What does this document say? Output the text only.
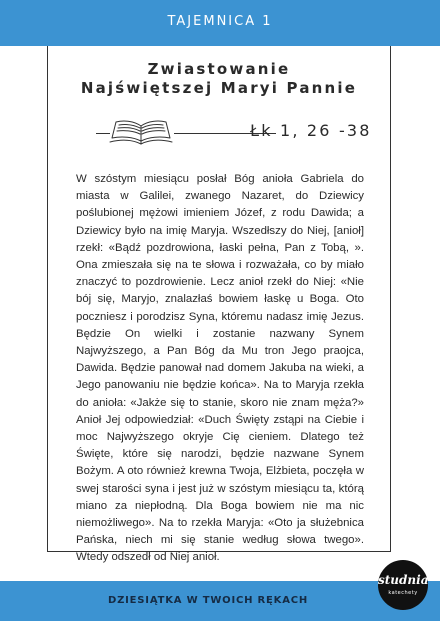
TAJEMNICA 1
Zwiastowanie
Najświętszej Maryi Pannie
Łk 1, 26 -38

W szóstym miesiącu posłał Bóg anioła Gabriela do miasta w Galilei, zwanego Nazaret, do Dziewicy poślubionej mężowi imieniem Józef, z rodu Dawida; a Dziewicy było na imię Maryja. Wszedłszy do Niej, [anioł] rzekł: «Bądź pozdrowiona, łaski pełna, Pan z Tobą, ». Ona zmieszała się na te słowa i rozważała, co by miało znaczyć to pozdrowienie. Lecz anioł rzekł do Niej: «Nie bój się, Maryjo, znalazłaś bowiem łaskę u Boga. Oto poczniesz i porodzisz Syna, któremu nadasz imię Jezus. Będzie On wielki i zostanie nazwany Synem Najwyższego, a Pan Bóg da Mu tron Jego praojca, Dawida. Będzie panował nad domem Jakuba na wieki, a Jego panowaniu nie będzie końca». Na to Maryja rzekła do anioła: «Jakże się to stanie, skoro nie znam męża?» Anioł Jej odpowiedział: «Duch Święty zstąpi na Ciebie i moc Najwyższego okryje Cię cieniem. Dlatego też Święte, które się narodzi, będzie nazwane Synem Bożym. A oto również krewna Twoja, Elżbieta, poczęła w swej starości syna i jest już w szóstym miesiącu ta, którą miano za niepłodną. Dla Boga bowiem nie ma nic niemożliwego». Na to rzekła Maryja: «Oto ja służebnica Pańska, niech mi się stanie według słowa twego». Wtedy odszedł od Niej anioł.

DZIESIĄTKA W TWOICH RĘKACH
studnia
katechety
